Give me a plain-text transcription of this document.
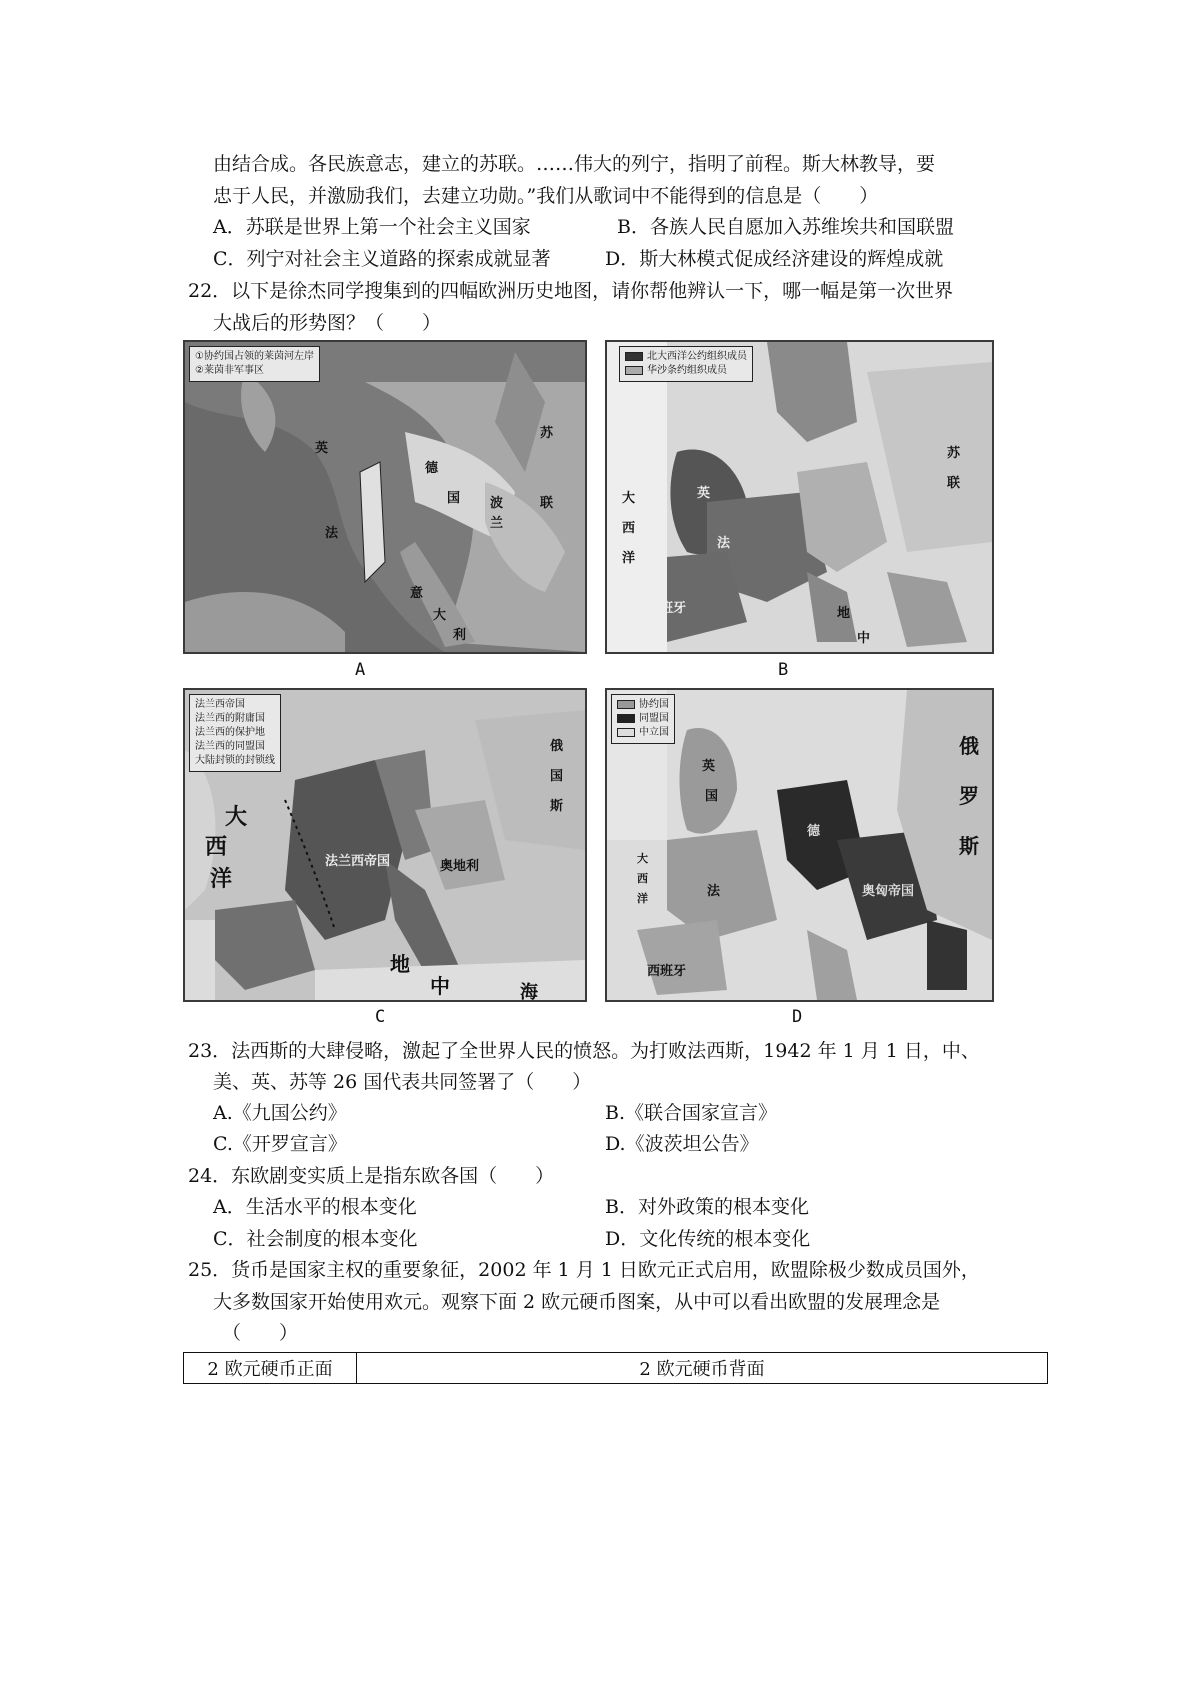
由结合成。各民族意志，建立的苏联。……伟大的列宁，指明了前程。斯大林教导，要
忠于人民，并激励我们，去建立功勋。”我们从歌词中不能得到的信息是（　　）
A．苏联是世界上第一个社会主义国家	B．各族人民自愿加入苏维埃共和国联盟
C．列宁对社会主义道路的探索成就显著	D．斯大林模式促成经济建设的辉煌成就
22．以下是徐杰同学搜集到的四幅欧洲历史地图，请你帮他辨认一下，哪一幅是第一次世界
大战后的形势图？（　　）
①协约国占领的莱茵河左岸
②莱茵非军事区
德
国 波
兰
苏
联
法
意
大
利
英
A
北大西洋公约组织成员
华沙条约组织成员
大
西
洋
英
法
西班牙
苏
联
地
中
B
法兰西帝国
法兰西的附庸国
法兰西的保护地
法兰西的同盟国
大陆封锁的封锁线
大
西
洋
俄
国
斯
法兰西帝国	奥地利
地
中	海
C
协约国
同盟国
中立国
英
国
法
德
奥匈帝国
西班牙
俄
罗
斯
大
西
洋
D
23．法西斯的大肆侵略，激起了全世界人民的愤怒。为打败法西斯，1942 年 1 月 1 日，中、
美、英、苏等 26 国代表共同签署了（　　）
A.《九国公约》	B.《联合国家宣言》
C.《开罗宣言》	D.《波茨坦公告》
24．东欧剧变实质上是指东欧各国（　　）
A．生活水平的根本变化	B．对外政策的根本变化
C．社会制度的根本变化	D．文化传统的根本变化
25．货币是国家主权的重要象征，2002 年 1 月 1 日欧元正式启用，欧盟除极少数成员国外，
大多数国家开始使用欢元。观察下面 2 欧元硬币图案，从中可以看出欧盟的发展理念是
（　　）
2 欧元硬币正面	2 欧元硬币背面
